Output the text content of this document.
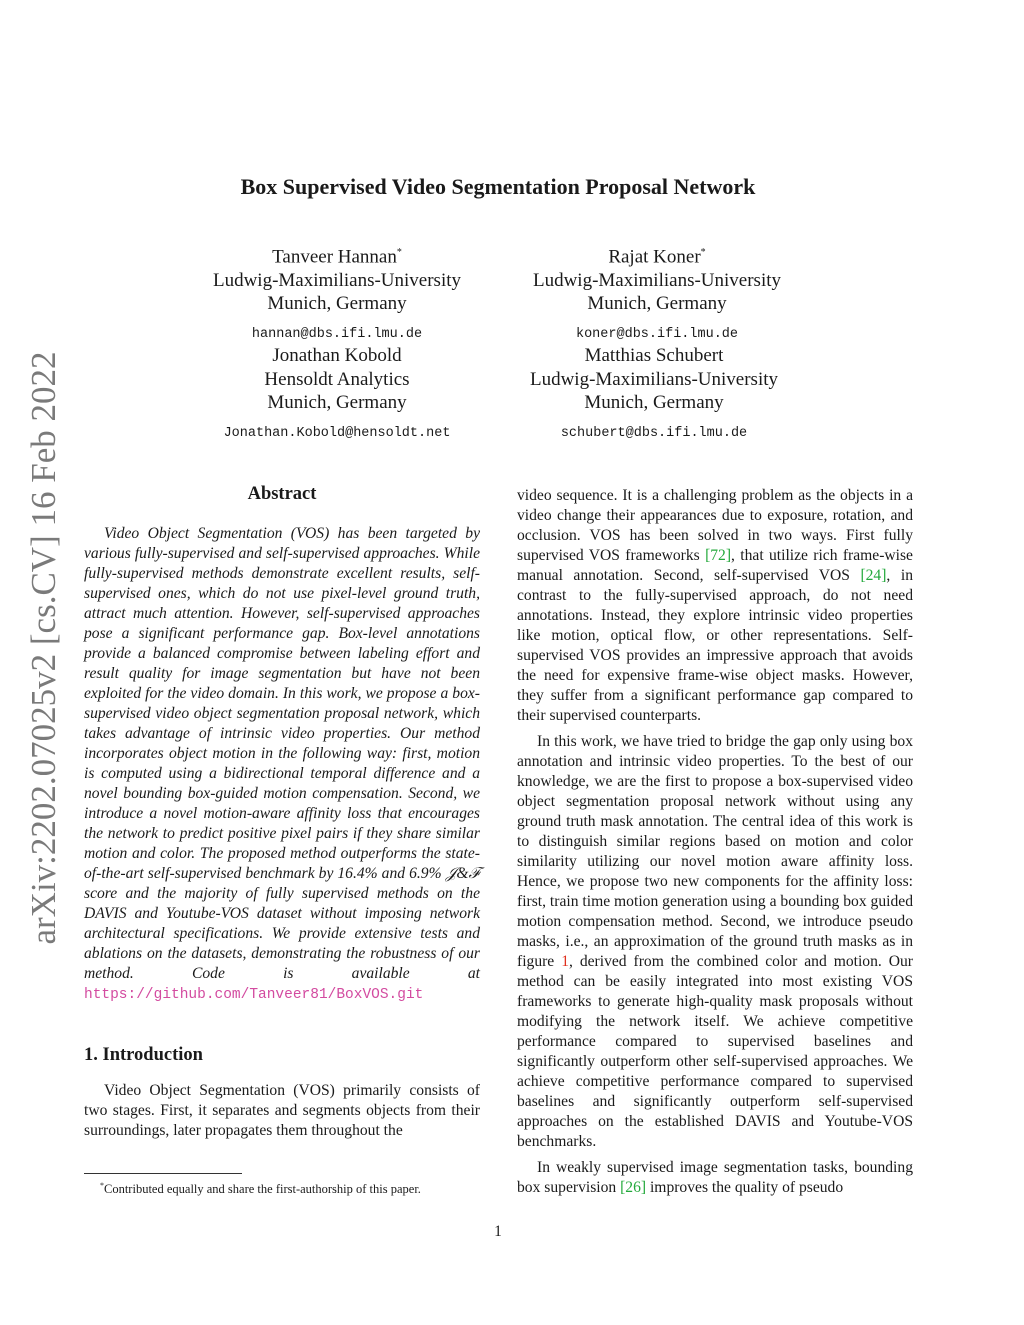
arXiv:2202.07025v2 [cs.CV] 16 Feb 2022
Box Supervised Video Segmentation Proposal Network
Tanveer Hannan*
Ludwig-Maximilians-University
Munich, Germany
hannan@dbs.ifi.lmu.de
Rajat Koner*
Ludwig-Maximilians-University
Munich, Germany
koner@dbs.ifi.lmu.de
Jonathan Kobold
Hensoldt Analytics
Munich, Germany
Jonathan.Kobold@hensoldt.net
Matthias Schubert
Ludwig-Maximilians-University
Munich, Germany
schubert@dbs.ifi.lmu.de
Abstract

Video Object Segmentation (VOS) has been targeted by various fully-supervised and self-supervised approaches. While fully-supervised methods demonstrate excellent results, self-supervised ones, which do not use pixel-level ground truth, attract much attention. However, self-supervised approaches pose a significant performance gap. Box-level annotations provide a balanced compromise between labeling effort and result quality for image segmentation but have not been exploited for the video domain. In this work, we propose a box-supervised video object segmentation proposal network, which takes advantage of intrinsic video properties. Our method incorporates object motion in the following way: first, motion is computed using a bidirectional temporal difference and a novel bounding box-guided motion compensation. Second, we introduce a novel motion-aware affinity loss that encourages the network to predict positive pixel pairs if they share similar motion and color. The proposed method outperforms the state-of-the-art self-supervised benchmark by 16.4% and 6.9% 𝒥&ℱ score and the majority of fully supervised methods on the DAVIS and Youtube-VOS dataset without imposing network architectural specifications. We provide extensive tests and ablations on the datasets, demonstrating the robustness of our method. Code is available at https://github.com/Tanveer81/BoxVOS.git

1. Introduction

Video Object Segmentation (VOS) primarily consists of two stages. First, it separates and segments objects from their surroundings, later propagates them throughout the

video sequence. It is a challenging problem as the objects in a video change their appearances due to exposure, rotation, and occlusion. VOS has been solved in two ways. First fully supervised VOS frameworks [72], that utilize rich frame-wise manual annotation. Second, self-supervised VOS [24], in contrast to the fully-supervised approach, do not need annotations. Instead, they explore intrinsic video properties like motion, optical flow, or other representations. Self-supervised VOS provides an impressive approach that avoids the need for expensive frame-wise object masks. However, they suffer from a significant performance gap compared to their supervised counterparts.

In this work, we have tried to bridge the gap only using box annotation and intrinsic video properties. To the best of our knowledge, we are the first to propose a box-supervised video object segmentation proposal network without using any ground truth mask annotation. The central idea of this work is to distinguish similar regions based on motion and color similarity utilizing our novel motion aware affinity loss. Hence, we propose two new components for the affinity loss: first, train time motion generation using a bounding box guided motion compensation method. Second, we introduce pseudo masks, i.e., an approximation of the ground truth masks as in figure 1, derived from the combined color and motion. Our method can be easily integrated into most existing VOS frameworks to generate high-quality mask proposals without modifying the network itself. We achieve competitive performance compared to supervised baselines and significantly outperform other self-supervised approaches. We achieve competitive performance compared to supervised baselines and significantly outperform self-supervised approaches on the established DAVIS and Youtube-VOS benchmarks.

In weakly supervised image segmentation tasks, bounding box supervision [26] improves the quality of pseudo

*Contributed equally and share the first-authorship of this paper.
1
